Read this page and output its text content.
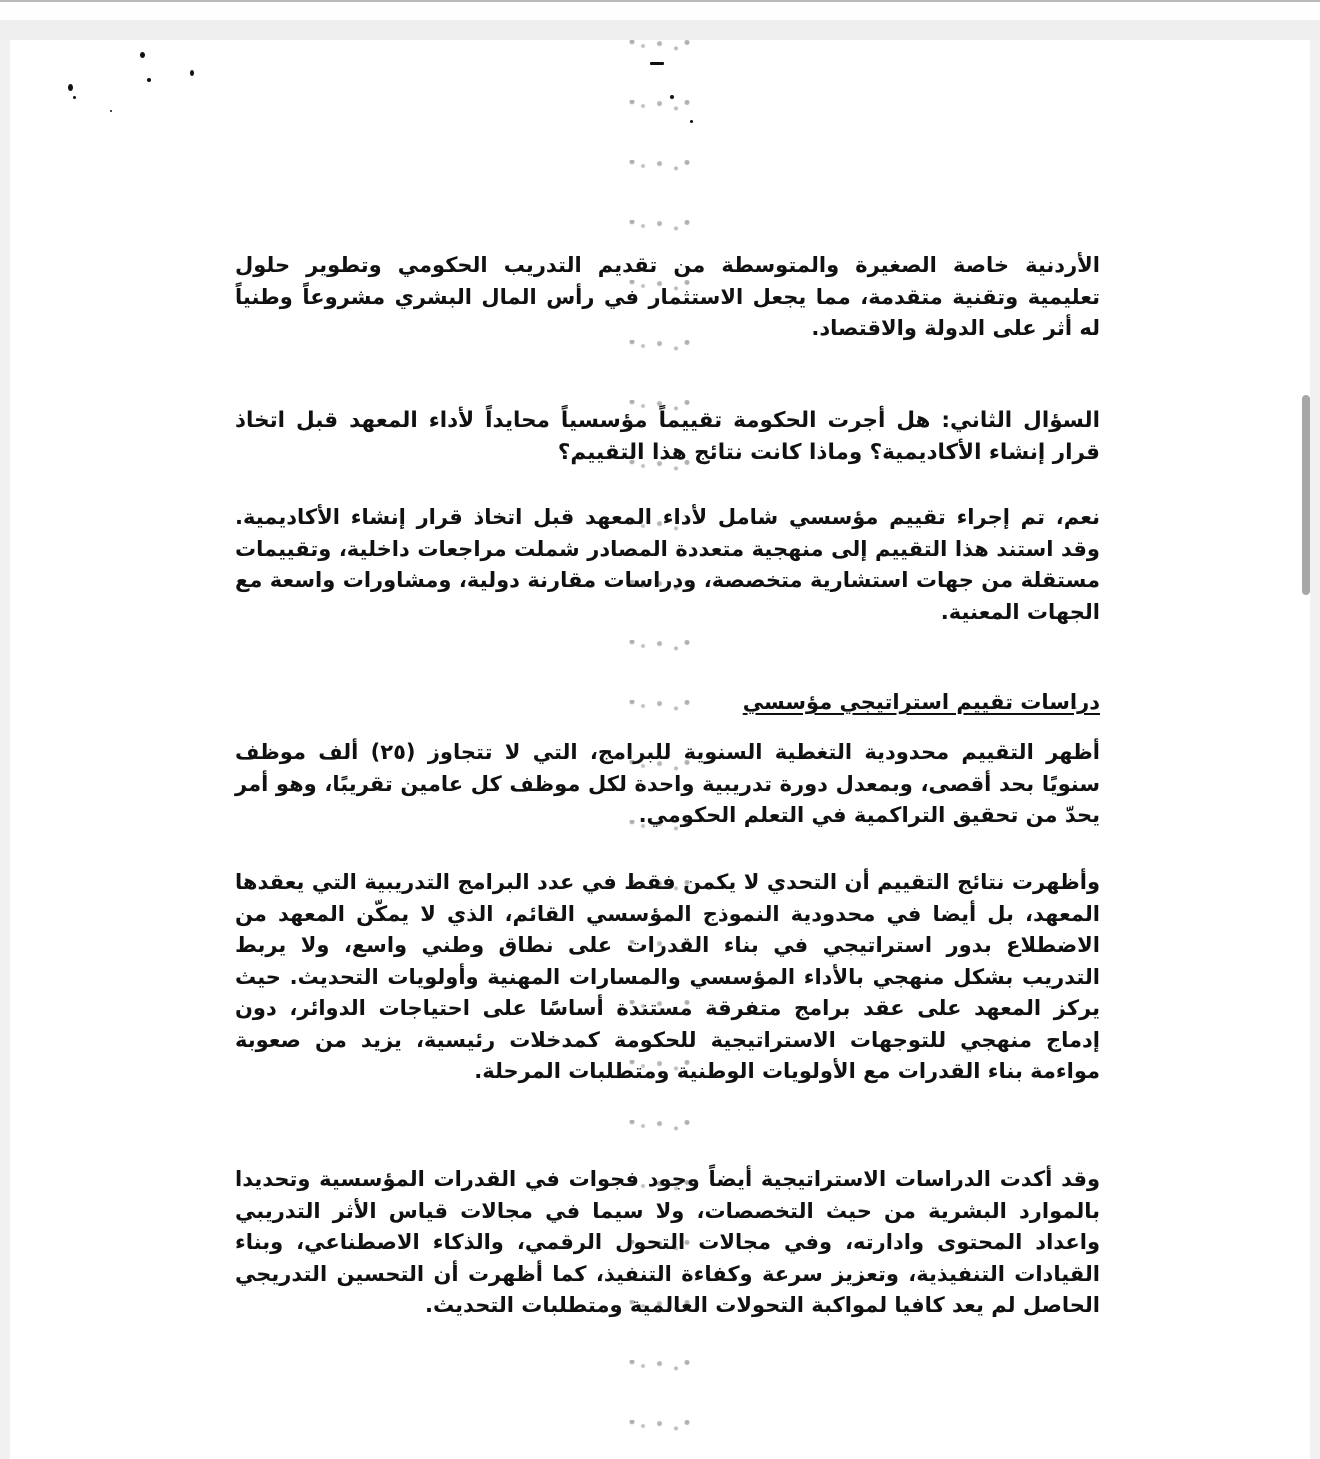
الأردنية خاصة الصغيرة والمتوسطة من تقديم التدريب الحكومي وتطوير حلول تعليمية وتقنية متقدمة، مما يجعل الاستثمار في رأس المال البشري مشروعاً وطنياً له أثر على الدولة والاقتصاد.

السؤال الثاني: هل أجرت الحكومة تقييماً مؤسسياً محايداً لأداء المعهد قبل اتخاذ قرار إنشاء الأكاديمية؟ وماذا كانت نتائج هذا التقييم؟

نعم، تم إجراء تقييم مؤسسي شامل لأداء المعهد قبل اتخاذ قرار إنشاء الأكاديمية. وقد استند هذا التقييم إلى منهجية متعددة المصادر شملت مراجعات داخلية، وتقييمات مستقلة من جهات استشارية متخصصة، ودراسات مقارنة دولية، ومشاورات واسعة مع الجهات المعنية.

دراسات تقييم استراتيجي مؤسسي

أظهر التقييم محدودية التغطية السنوية للبرامج، التي لا تتجاوز (٢٥) ألف موظف سنويًا بحد أقصى، وبمعدل دورة تدريبية واحدة لكل موظف كل عامين تقريبًا، وهو أمر يحدّ من تحقيق التراكمية في التعلم الحكومي.

وأظهرت نتائج التقييم أن التحدي لا يكمن فقط في عدد البرامج التدريبية التي يعقدها المعهد، بل أيضا في محدودية النموذج المؤسسي القائم، الذي لا يمكّن المعهد من الاضطلاع بدور استراتيجي في بناء القدرات على نطاق وطني واسع، ولا يربط التدريب بشكل منهجي بالأداء المؤسسي والمسارات المهنية وأولويات التحديث. حيث يركز المعهد على عقد برامج متفرقة مستندة أساسًا على احتياجات الدوائر، دون إدماج منهجي للتوجهات الاستراتيجية للحكومة كمدخلات رئيسية، يزيد من صعوبة مواءمة بناء القدرات مع الأولويات الوطنية ومتطلبات المرحلة.

وقد أكدت الدراسات الاستراتيجية أيضاً وجود فجوات في القدرات المؤسسية وتحديدا بالموارد البشرية من حيث التخصصات، ولا سيما في مجالات قياس الأثر التدريبي واعداد المحتوى وادارته، وفي مجالات التحول الرقمي، والذكاء الاصطناعي، وبناء القيادات التنفيذية، وتعزيز سرعة وكفاءة التنفيذ، كما أظهرت أن التحسين التدريجي الحاصل لم يعد كافيا لمواكبة التحولات العالمية ومتطلبات التحديث.
